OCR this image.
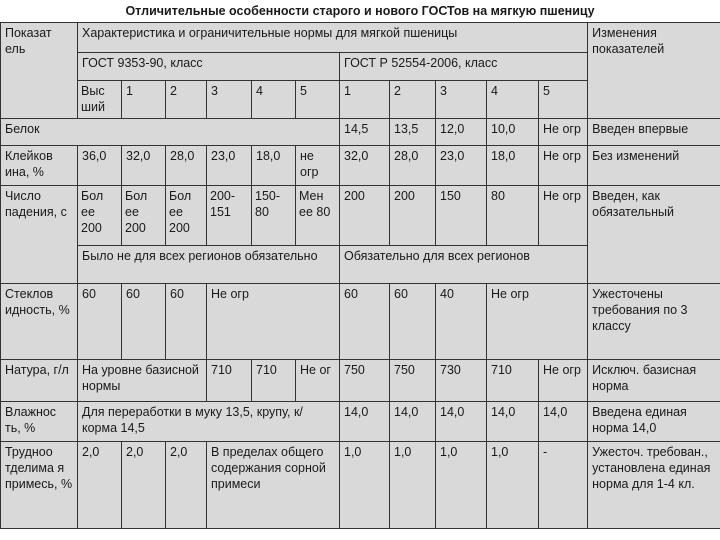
Отличительные особенности старого и нового ГОСТов на мягкую пшеницу
Показат ель	Характеристика и ограничительные нормы для мягкой пшеницы											Изменения показателей
	ГОСТ 9353-90, класс						ГОСТ Р 52554-2006, класс					
	Выс ший	1	2	3	4	5	1	2	3	4	5	
Белок							14,5	13,5	12,0	10,0	Не огр	Введен впервые
Клейков ина, %	36,0	32,0	28,0	23,0	18,0	не огр	32,0	28,0	23,0	18,0	Не огр	Без изменений
Число падения, с	Бол ее 200	Бол ее 200	Бол ее 200	200-151	150-80	Мен ее 80	200	200	150	80	Не огр	Введен, как обязательный
	Было не для всех регионов обязательно						Обязательно для всех регионов					
Стеклов идность, %	60	60	60	Не огр			60	60	40	Не огр		Ужесточены требования по 3 классу
Натура, г/л	На уровне базисной нормы			710	710	Не ог	750	750	730	710	Не огр	Исключ. базисная норма
Влажнос ть, %	Для переработки в муку 13,5, крупу, к/корма 14,5						14,0	14,0	14,0	14,0	14,0	Введена единая норма 14,0
Трудноо тделима я примесь, %	2,0	2,0	2,0	В пределах общего содержания сорной примеси			1,0	1,0	1,0	1,0	-	Ужесточ. требован., установлена единая норма для 1-4 кл.
